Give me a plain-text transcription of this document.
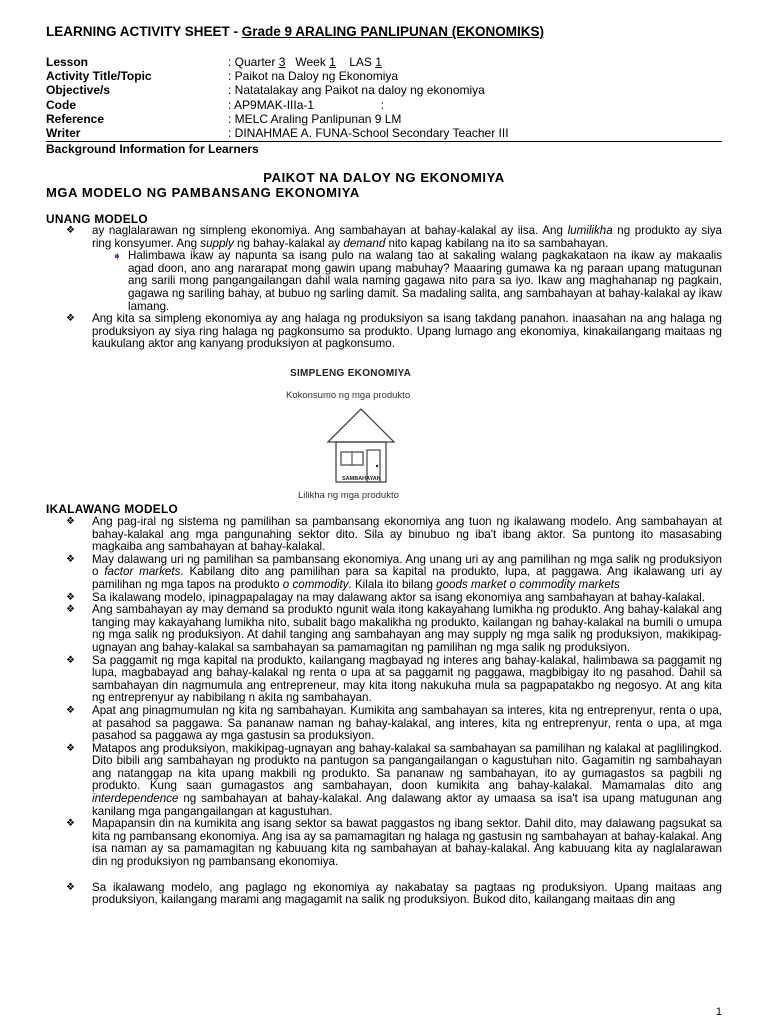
LEARNING ACTIVITY SHEET - Grade 9 ARALING PANLIPUNAN (EKONOMIKS)
Lesson	: Quarter 3   Week 1    LAS 1
Activity Title/Topic	: Paikot na Daloy ng Ekonomiya
Objective/s	: Natatalakay ang Paikot na daloy ng ekonomiya
Code	: AP9MAK-IIIa-1                    :
Reference	: MELC Araling Panlipunan 9 LM
Writer	: DINAHMAE A. FUNA-School Secondary Teacher III
Background Information for Learners
PAIKOT NA DALOY NG EKONOMIYA
MGA MODELO NG PAMBANSANG EKONOMIYA
UNANG MODELO

❖ ay naglalarawan ng simpleng ekonomiya. Ang sambahayan at bahay-kalakal ay iisa. Ang lumilikha ng produkto ay siya ring konsyumer. Ang supply ng bahay-kalakal ay demand nito kapag kabilang na ito sa sambahayan.

➧ Halimbawa ikaw ay napunta sa isang pulo na walang tao at sakaling walang pagkakataon na ikaw ay makaalis agad doon, ano ang nararapat mong gawin upang mabuhay? Maaaring gumawa ka ng paraan upang matugunan ang sarili mong pangangailangan dahil wala naming gagawa nito para sa iyo. Ikaw ang maghahanap ng pagkain, gagawa ng sariling bahay, at bubuo ng sarling damit. Sa madaling salita, ang sambahayan at bahay-kalakal ay ikaw lamang.

❖ Ang kita sa simpleng ekonomiya ay ang halaga ng produksiyon sa isang takdang panahon. inaasahan na ang halaga ng produksiyon ay siya ring halaga ng pagkonsumo sa produkto. Upang lumago ang ekonomiya, kinakailangang maitaas ng kaukulang aktor ang kanyang produksiyon at pagkonsumo.

SIMPLENG EKONOMIYA
Kokonsumo ng mga produkto
SAMBAHAYAN
Lilikha ng mga produkto
IKALAWANG MODELO

❖ Ang pag-iral ng sistema ng pamilihan sa pambansang ekonomiya ang tuon ng ikalawang modelo. Ang sambahayan at bahay-kalakal ang mga pangunahing sektor dito. Sila ay binubuo ng iba't ibang aktor. Sa puntong ito masasabing magkaiba ang sambahayan at bahay-kalakal.

❖ May dalawang uri ng pamilihan sa pambansang ekonomiya. Ang unang uri ay ang pamilihan ng mga salik ng produksiyon o factor markets. Kabilang dito ang pamilihan para sa kapital na produkto, lupa, at paggawa. Ang ikalawang uri ay pamilihan ng mga tapos na produkto o commodity. Kilala ito bilang goods market o commodity markets

❖ Sa ikalawang modelo, ipinagpapalagay na may dalawang aktor sa isang ekonomiya ang sambahayan at bahay-kalakal.

❖ Ang sambahayan ay may demand sa produkto ngunit wala itong kakayahang lumikha ng produkto. Ang bahay-kalakal ang tanging may kakayahang lumikha nito, subalit bago makalikha ng produkto, kailangan ng bahay-kalakal na bumili o umupa ng mga salik ng produksiyon. At dahil tanging ang sambahayan ang may supply ng mga salik ng produksiyon, makikipag-ugnayan ang bahay-kalakal sa sambahayan sa pamamagitan ng pamilihan ng mga salik ng produksiyon.

❖ Sa paggamit ng mga kapital na produkto, kailangang magbayad ng interes ang bahay-kalakal, halimbawa sa paggamit ng lupa, magbabayad ang bahay-kalakal ng renta o upa at sa paggamit ng paggawa, magbibigay ito ng pasahod. Dahil sa sambahayan din nagmumula ang entrepreneur, may kita itong nakukuha mula sa pagpapatakbo ng negosyo. At ang kita ng entreprenyur ay nabibilang n akita ng sambahayan.

❖ Apat ang pinagmumulan ng kita ng sambahayan. Kumikita ang sambahayan sa interes, kita ng entreprenyur, renta o upa, at pasahod sa paggawa. Sa pananaw naman ng bahay-kalakal, ang interes, kita ng entreprenyur, renta o upa, at mga pasahod sa paggawa ay mga gastusin sa produksiyon.

❖ Matapos ang produksiyon, makikipag-ugnayan ang bahay-kalakal sa sambahayan sa pamilihan ng kalakal at paglilingkod. Dito bibili ang sambahayan ng produkto na pantugon sa pangangailangan o kagustuhan nito. Gagamitin ng sambahayan ang natanggap na kita upang makbili ng produkto. Sa pananaw ng sambahayan, ito ay gumagastos sa pagbili ng produkto. Kung saan gumagastos ang sambahayan, doon kumikita ang bahay-kalakal. Mamamalas dito ang interdependence ng sambahayan at bahay-kalakal. Ang dalawang aktor ay umaasa sa isa't isa upang matugunan ang kanilang mga pangangailangan at kagustuhan.

❖ Mapapansin din na kumikita ang isang sektor sa bawat paggastos ng ibang sektor. Dahil dito, may dalawang pagsukat sa kita ng pambansang ekonomiya. Ang isa ay sa pamamagitan ng halaga ng gastusin ng sambahayan at bahay-kalakal. Ang isa naman ay sa pamamagitan ng kabuuang kita ng sambahayan at bahay-kalakal. Ang kabuuang kita ay naglalarawan din ng produksiyon ng pambansang ekonomiya.

❖ Sa ikalawang modelo, ang paglago ng ekonomiya ay nakabatay sa pagtaas ng produksiyon. Upang maitaas ang produksiyon, kailangang marami ang magagamit na salik ng produksiyon. Bukod dito, kailangang maitaas din ang

1
